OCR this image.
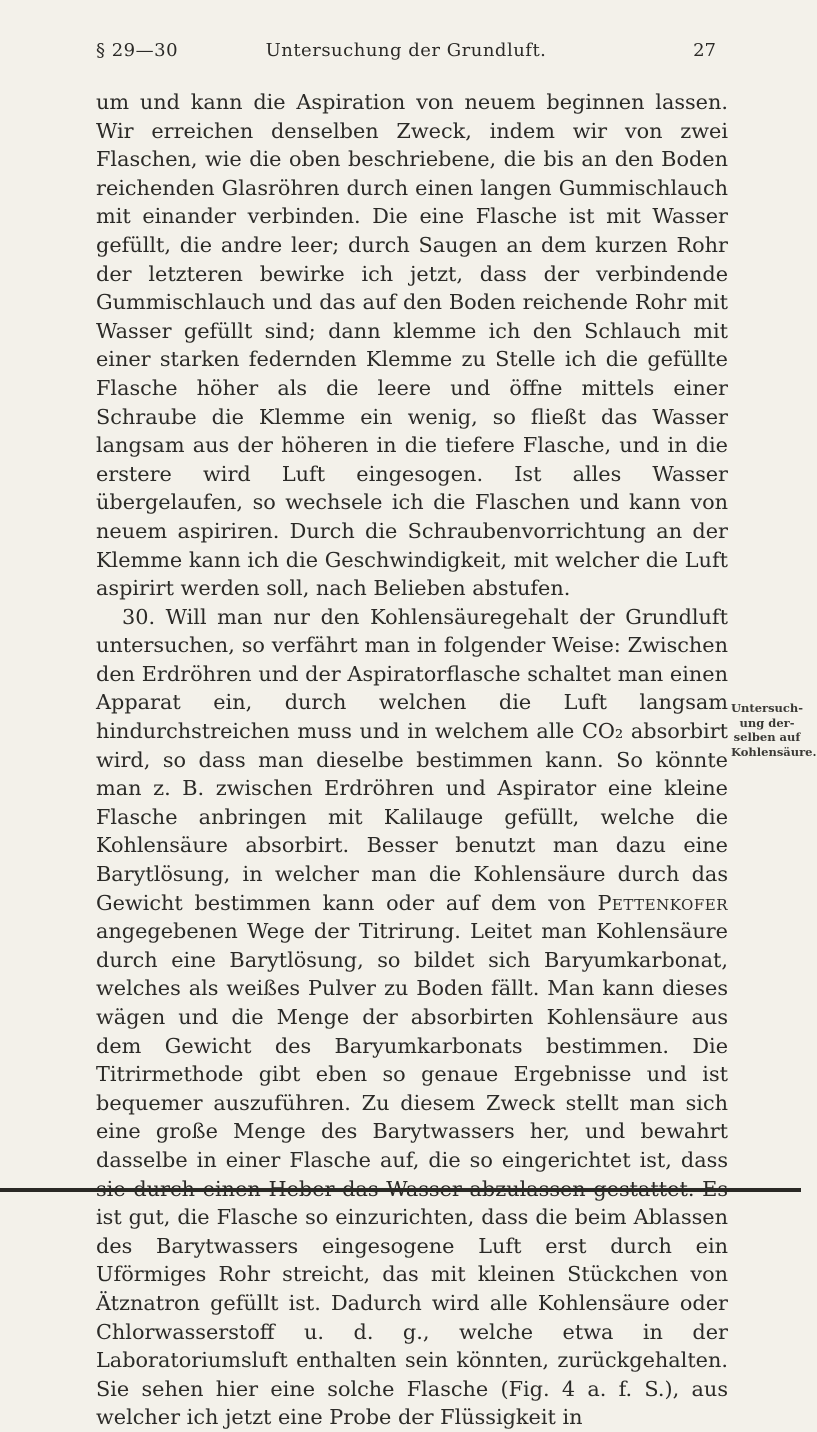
§ 29—30	Untersuchung der Grundluft.	27

um und kann die Aspiration von neuem beginnen lassen. Wir erreichen denselben Zweck, indem wir von zwei Flaschen, wie die oben beschriebene, die bis an den Boden reichenden Glasröhren durch einen langen Gummischlauch mit einander verbinden. Die eine Flasche ist mit Wasser gefüllt, die andre leer; durch Saugen an dem kurzen Rohr der letzteren bewirke ich jetzt, dass der verbindende Gummischlauch und das auf den Boden reichende Rohr mit Wasser gefüllt sind; dann klemme ich den Schlauch mit einer starken federnden Klemme zu Stelle ich die gefüllte Flasche höher als die leere und öffne mittels einer Schraube die Klemme ein wenig, so fließt das Wasser langsam aus der höheren in die tiefere Flasche, und in die erstere wird Luft eingesogen. Ist alles Wasser übergelaufen, so wechsele ich die Flaschen und kann von neuem aspiriren. Durch die Schraubenvorrichtung an der Klemme kann ich die Geschwindigkeit, mit welcher die Luft aspirirt werden soll, nach Belieben abstufen.

30. Will man nur den Kohlensäuregehalt der Grundluft untersuchen, so verfährt man in folgender Weise: Zwischen den Erdröhren und der Aspiratorflasche schaltet man einen Apparat ein, durch welchen die Luft langsam hindurchstreichen muss und in welchem alle CO₂ absorbirt wird, so dass man dieselbe bestimmen kann. So könnte man z. B. zwischen Erdröhren und Aspirator eine kleine Flasche anbringen mit Kalilauge gefüllt, welche die Kohlensäure absorbirt. Besser benutzt man dazu eine Barytlösung, in welcher man die Kohlensäure durch das Gewicht bestimmen kann oder auf dem von Pettenkofer angegebenen Wege der Titrirung. Leitet man Kohlensäure durch eine Barytlösung, so bildet sich Baryumkarbonat, welches als weißes Pulver zu Boden fällt. Man kann dieses wägen und die Menge der absorbirten Kohlensäure aus dem Gewicht des Baryumkarbonats bestimmen. Die Titrirmethode gibt eben so genaue Ergebnisse und ist bequemer auszuführen. Zu diesem Zweck stellt man sich eine große Menge des Barytwassers her, und bewahrt dasselbe in einer Flasche auf, die so eingerichtet ist, dass ist gut, die Flasche so einzurichten, dass die beim Ablassen des Barytwassers eingesogene Luft erst durch ein Uförmiges Rohr streicht, das mit kleinen Stückchen von Ätznatron gefüllt ist. Dadurch wird alle Kohlensäure oder Chlorwasserstoff u. d. g., welche etwa in der Laboratoriumsluft enthalten sein könnten, zurückgehalten. Sie sehen hier eine solche Flasche (Fig. 4 a. f. S.), aus welcher ich jetzt eine Probe der Flüssigkeit in

Untersuch-
ung der-
selben auf
Kohlensäure.
